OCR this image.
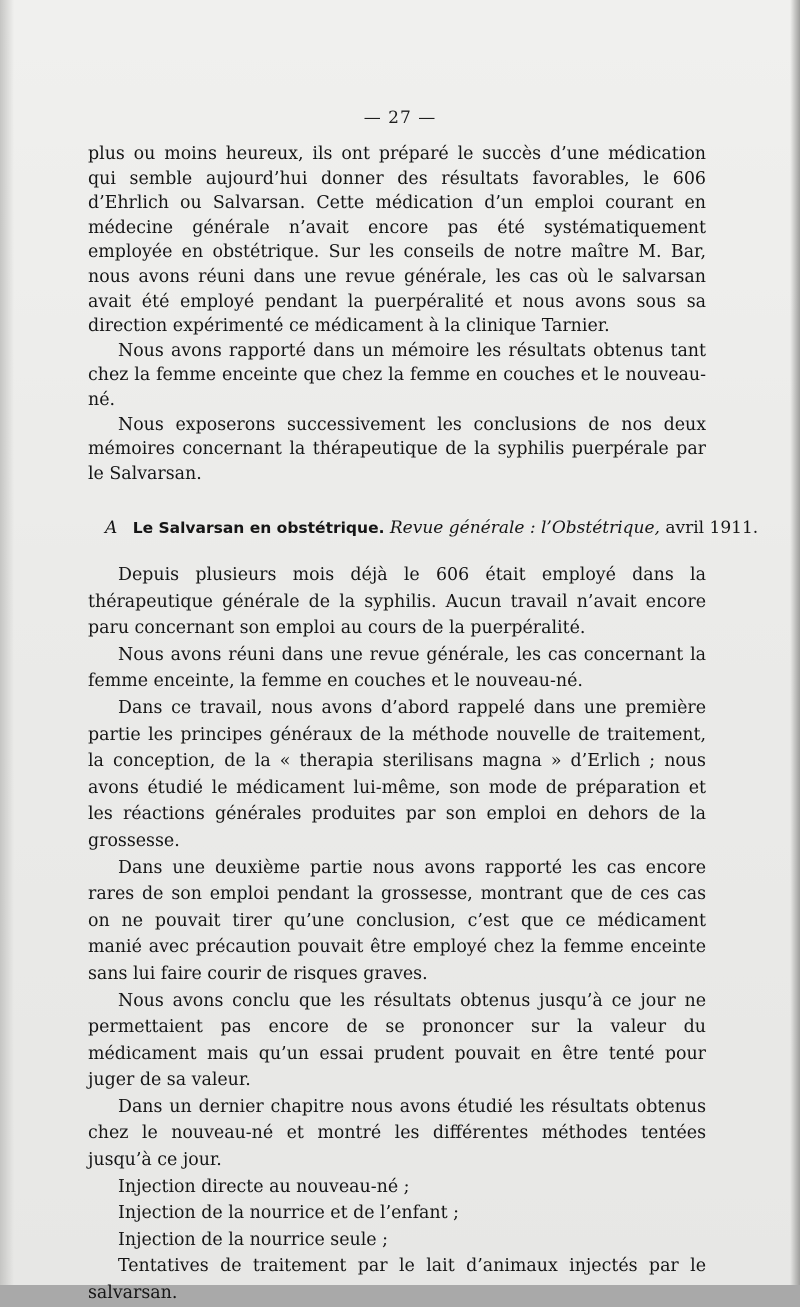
— 27 —

plus ou moins heureux, ils ont préparé le succès d’une médication qui semble aujourd’hui donner des résultats favorables, le 606 d’Ehrlich ou Salvarsan. Cette médication d’un emploi courant en médecine générale n’avait encore pas été systématiquement employée en obstétrique. Sur les conseils de notre maître M. Bar, nous avons réuni dans une revue générale, les cas où le salvarsan avait été employé pendant la puerpéralité et nous avons sous sa direction expérimenté ce médicament à la clinique Tarnier.

Nous avons rapporté dans un mémoire les résultats obtenus tant chez la femme enceinte que chez la femme en couches et le nouveau-né.

Nous exposerons successivement les conclusions de nos deux mémoires concernant la thérapeutique de la syphilis puerpérale par le Salvarsan.

A Le Salvarsan en obstétrique. Revue générale : l’Obstétrique, avril 1911.

Depuis plusieurs mois déjà le 606 était employé dans la thérapeutique générale de la syphilis. Aucun travail n’avait encore paru concernant son emploi au cours de la puerpéralité.

Nous avons réuni dans une revue générale, les cas concernant la femme enceinte, la femme en couches et le nouveau-né.

Dans ce travail, nous avons d’abord rappelé dans une première partie les principes généraux de la méthode nouvelle de traitement, la conception, de la « therapia sterilisans magna » d’Erlich ; nous avons étudié le médicament lui-même, son mode de préparation et les réactions générales produites par son emploi en dehors de la grossesse.

Dans une deuxième partie nous avons rapporté les cas encore rares de son emploi pendant la grossesse, montrant que de ces cas on ne pouvait tirer qu’une conclusion, c’est que ce médicament manié avec précaution pouvait être employé chez la femme enceinte sans lui faire courir de risques graves.

Nous avons conclu que les résultats obtenus jusqu’à ce jour ne permettaient pas encore de se prononcer sur la valeur du médicament mais qu’un essai prudent pouvait en être tenté pour juger de sa valeur.

Dans un dernier chapitre nous avons étudié les résultats obtenus chez le nouveau-né et montré les différentes méthodes tentées jusqu’à ce jour.

Injection directe au nouveau-né ;

Injection de la nourrice et de l’enfant ;

Injection de la nourrice seule ;

Tentatives de traitement par le lait d’animaux injectés par le salvarsan.
